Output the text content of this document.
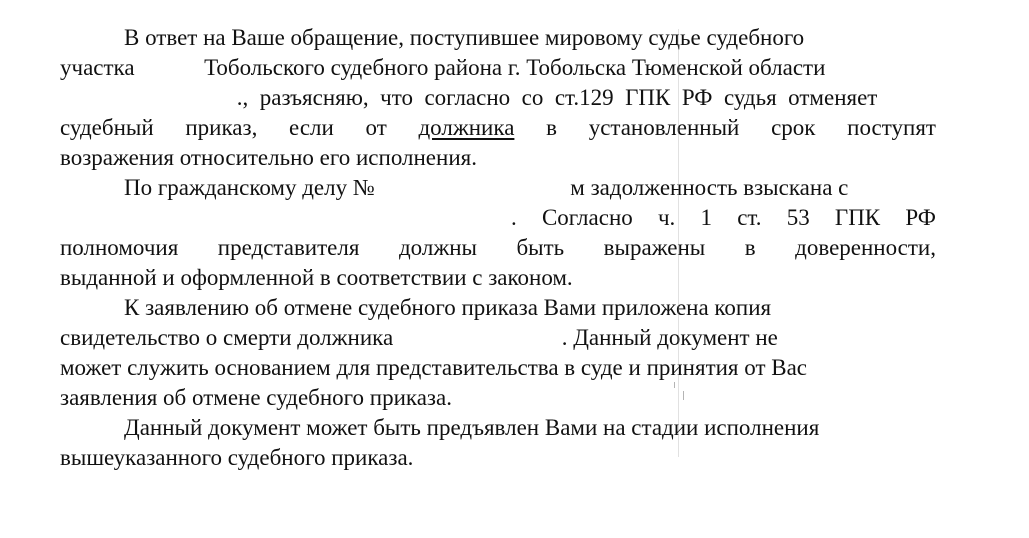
В ответ на Ваше обращение, поступившее мировому судье судебного
участка	Тобольского судебного района г. Тобольска Тюменской области
.,  разъясняю,  что  согласно  со  ст.129  ГПК  РФ  судья  отменяет
судебный приказ, если от должника в установленный срок поступят
возражения относительно его исполнения.
По гражданскому делу №	м задолженность взыскана с
. Согласно ч. 1 ст. 53 ГПК РФ
полномочия представителя должны быть выражены в доверенности,
выданной и оформленной в соответствии с законом.
К заявлению об отмене судебного приказа Вами приложена копия
свидетельство о смерти должника	. Данный документ не
может служить основанием для представительства в суде и принятия от Вас
заявления об отмене судебного приказа.
Данный документ может быть предъявлен Вами на стадии исполнения
вышеуказанного судебного приказа.
